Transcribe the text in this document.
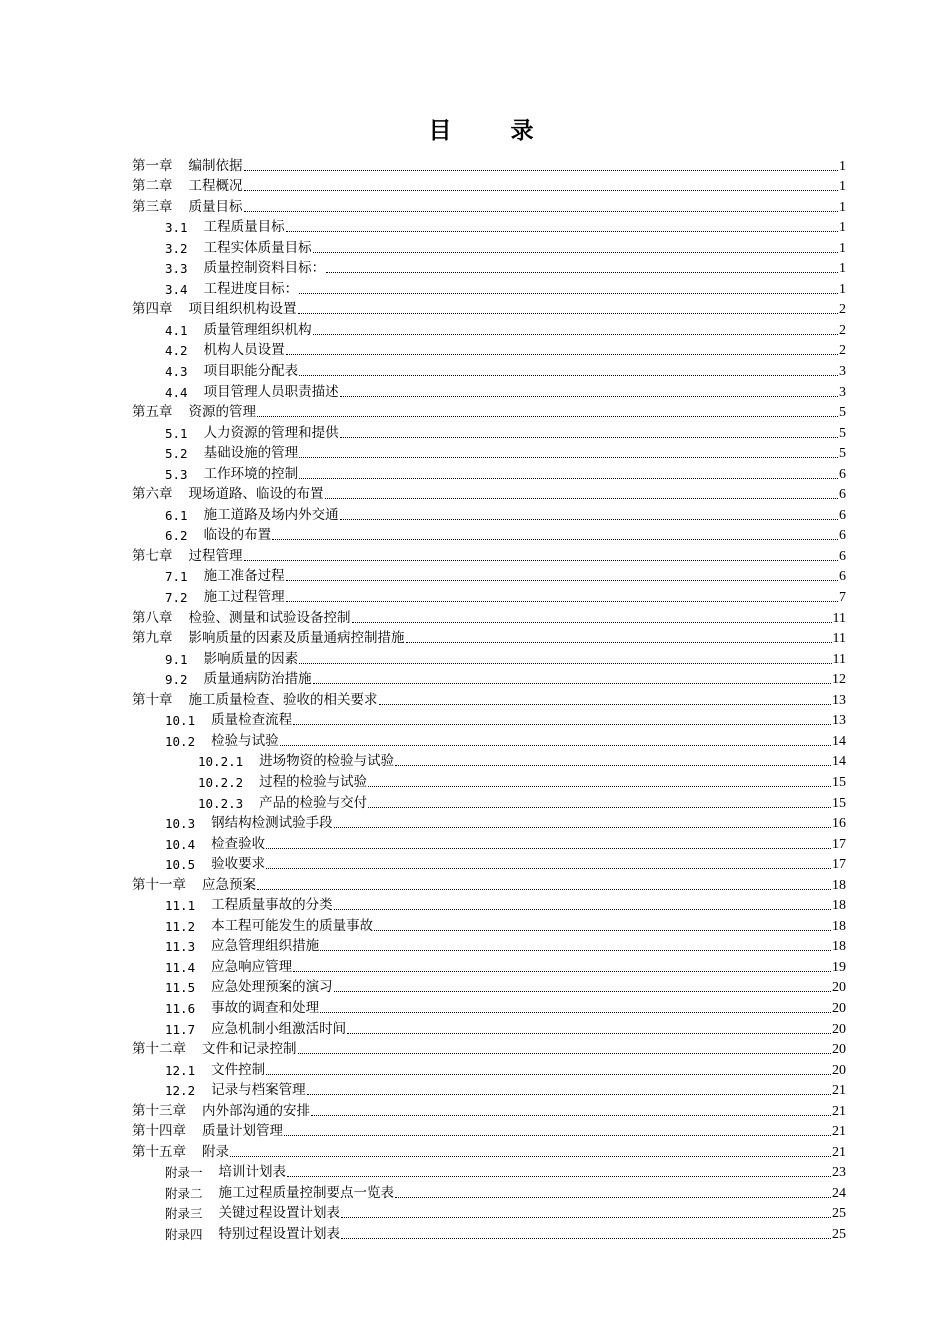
目　录
第一章 编制依据	1
第二章 工程概况	1
第三章 质量目标	1
3.1 工程质量目标	1
3.2 工程实体质量目标	1
3.3 质量控制资料目标：	1
3.4 工程进度目标：	1
第四章 项目组织机构设置	2
4.1 质量管理组织机构	2
4.2 机构人员设置	2
4.3 项目职能分配表	3
4.4 项目管理人员职责描述	3
第五章 资源的管理	5
5.1 人力资源的管理和提供	5
5.2 基础设施的管理	5
5.3 工作环境的控制	6
第六章 现场道路、临设的布置	6
6.1 施工道路及场内外交通	6
6.2 临设的布置	6
第七章 过程管理	6
7.1 施工准备过程	6
7.2 施工过程管理	7
第八章 检验、测量和试验设备控制	11
第九章 影响质量的因素及质量通病控制措施	11
9.1 影响质量的因素	11
9.2 质量通病防治措施	12
第十章 施工质量检查、验收的相关要求	13
10.1 质量检查流程	13
10.2 检验与试验	14
10.2.1 进场物资的检验与试验	14
10.2.2 过程的检验与试验	15
10.2.3 产品的检验与交付	15
10.3 钢结构检测试验手段	16
10.4 检查验收	17
10.5 验收要求	17
第十一章 应急预案	18
11.1 工程质量事故的分类	18
11.2 本工程可能发生的质量事故	18
11.3 应急管理组织措施	18
11.4 应急响应管理	19
11.5 应急处理预案的演习	20
11.6 事故的调查和处理	20
11.7 应急机制小组激活时间	20
第十二章 文件和记录控制	20
12.1 文件控制	20
12.2 记录与档案管理	21
第十三章 内外部沟通的安排	21
第十四章 质量计划管理	21
第十五章 附录	21
附录一 培训计划表	23
附录二 施工过程质量控制要点一览表	24
附录三 关键过程设置计划表	25
附录四 特别过程设置计划表	25
